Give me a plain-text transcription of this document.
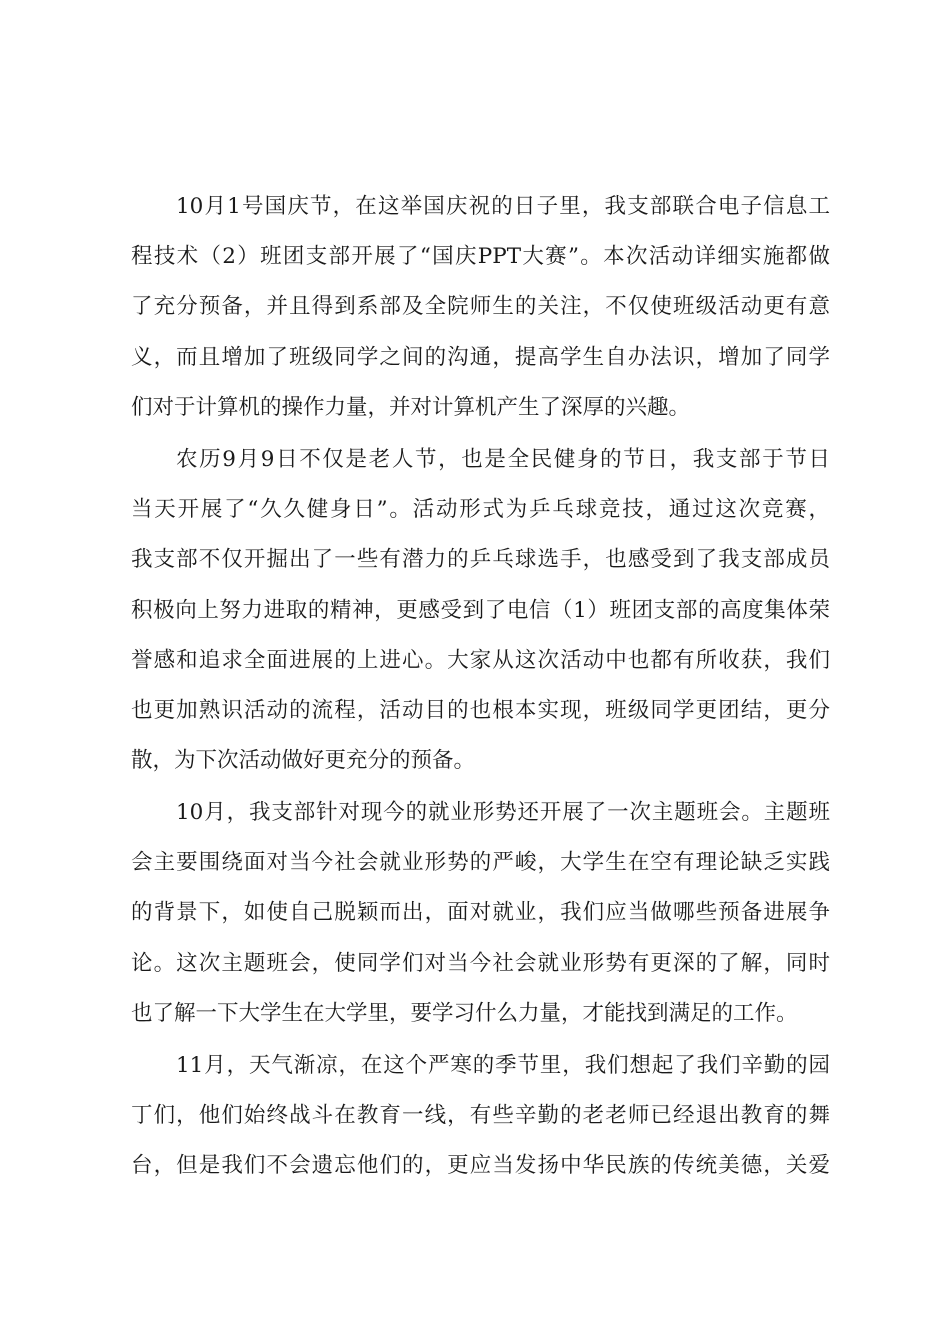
10月1号国庆节，在这举国庆祝的日子里，我支部联合电子信息工
程技术（2）班团支部开展了“国庆PPT大赛”。本次活动详细实施都做
了充分预备，并且得到系部及全院师生的关注，不仅使班级活动更有意
义，而且增加了班级同学之间的沟通，提高学生自办法识，增加了同学
们对于计算机的操作力量，并对计算机产生了深厚的兴趣。
农历9月9日不仅是老人节，也是全民健身的节日，我支部于节日
当天开展了“久久健身日”。活动形式为乒乓球竞技，通过这次竞赛，
我支部不仅开掘出了一些有潜力的乒乓球选手，也感受到了我支部成员
积极向上努力进取的精神，更感受到了电信（1）班团支部的高度集体荣
誉感和追求全面进展的上进心。大家从这次活动中也都有所收获，我们
也更加熟识活动的流程，活动目的也根本实现，班级同学更团结，更分
散，为下次活动做好更充分的预备。
10月，我支部针对现今的就业形势还开展了一次主题班会。主题班
会主要围绕面对当今社会就业形势的严峻，大学生在空有理论缺乏实践
的背景下，如使自己脱颖而出，面对就业，我们应当做哪些预备进展争
论。这次主题班会，使同学们对当今社会就业形势有更深的了解，同时
也了解一下大学生在大学里，要学习什么力量，才能找到满足的工作。
11月，天气渐凉，在这个严寒的季节里，我们想起了我们辛勤的园
丁们，他们始终战斗在教育一线，有些辛勤的老老师已经退出教育的舞
台，但是我们不会遗忘他们的，更应当发扬中华民族的传统美德，关爱
